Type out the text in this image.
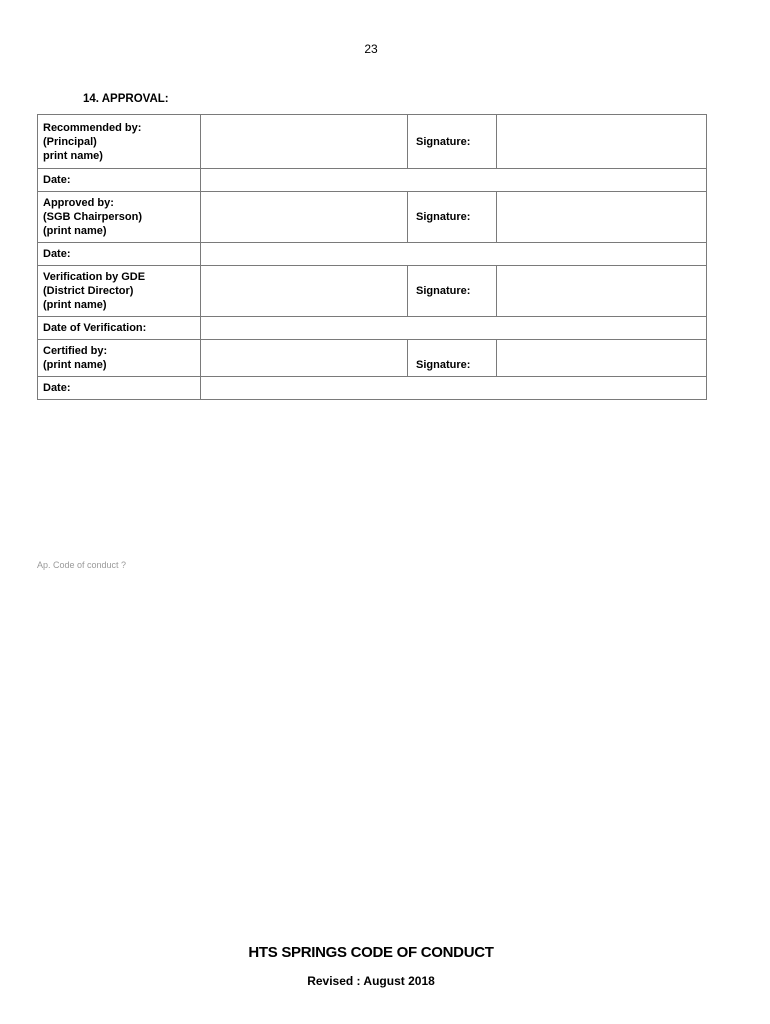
23
14. APPROVAL:
Recommended by:
(Principal)
print name)		Signature:	
Date:			

Approved by:
(SGB Chairperson)
(print name)		Signature:	
Date:			

Verification by GDE
(District Director)
(print name)		Signature:	
Date of Verification:			

Certified by:
(print name)		Signature:	
Date:			
Ap. Code of conduct ?
HTS SPRINGS CODE OF CONDUCT
Revised : August 2018
